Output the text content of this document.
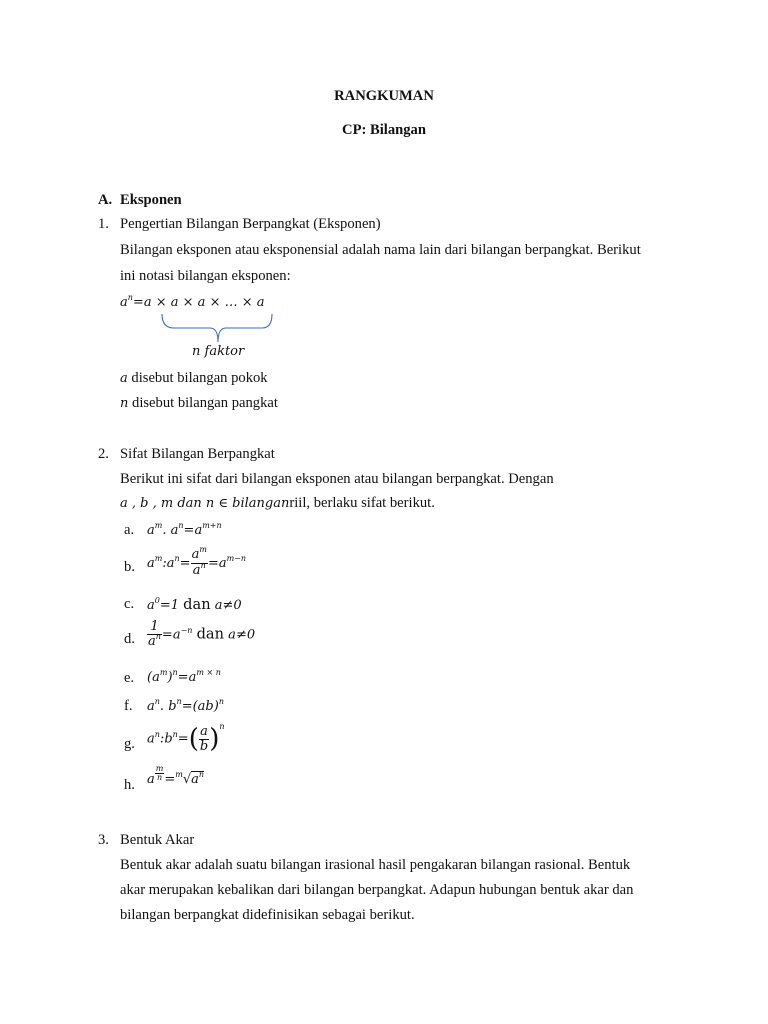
RANGKUMAN
CP: Bilangan
A. Eksponen
1. Pengertian Bilangan Berpangkat (Eksponen)
Bilangan eksponen atau eksponensial adalah nama lain dari bilangan berpangkat. Berikut
ini notasi bilangan eksponen:
$a^n=a \times a \times a$ × … × a
n faktor
a disebut bilangan pokok
n disebut bilangan pangkat
2. Sifat Bilangan Berpangkat
Berikut ini sifat dari bilangan eksponen atau bilangan berpangkat. Dengan
a , b , m dan n ∈ bilanganriil, berlaku sifat berikut.
a. $a^m$. $a^n=a^{m+n}$
b. $a^m:a^n= \frac{a^m}{a^n} =a^{m-n}$
c. $a^0=1$ dan a≠0
d. $\frac{1}{a^n} =a^{-n}$ dan a≠0
e. $(a^m)^n=a^{m \times n}$
f. $a^n$. $b^n=(ab)^n$
g. $a^n:b^n=( \frac{a}{b} )^n$
h. a $^{\frac{m}{n}} =^m√a^n$
3. Bentuk Akar
Bentuk akar adalah suatu bilangan irasional hasil pengakaran bilangan rasional. Bentuk
akar merupakan kebalikan dari bilangan berpangkat. Adapun hubungan bentuk akar dan
bilangan berpangkat didefinisikan sebagai berikut.
